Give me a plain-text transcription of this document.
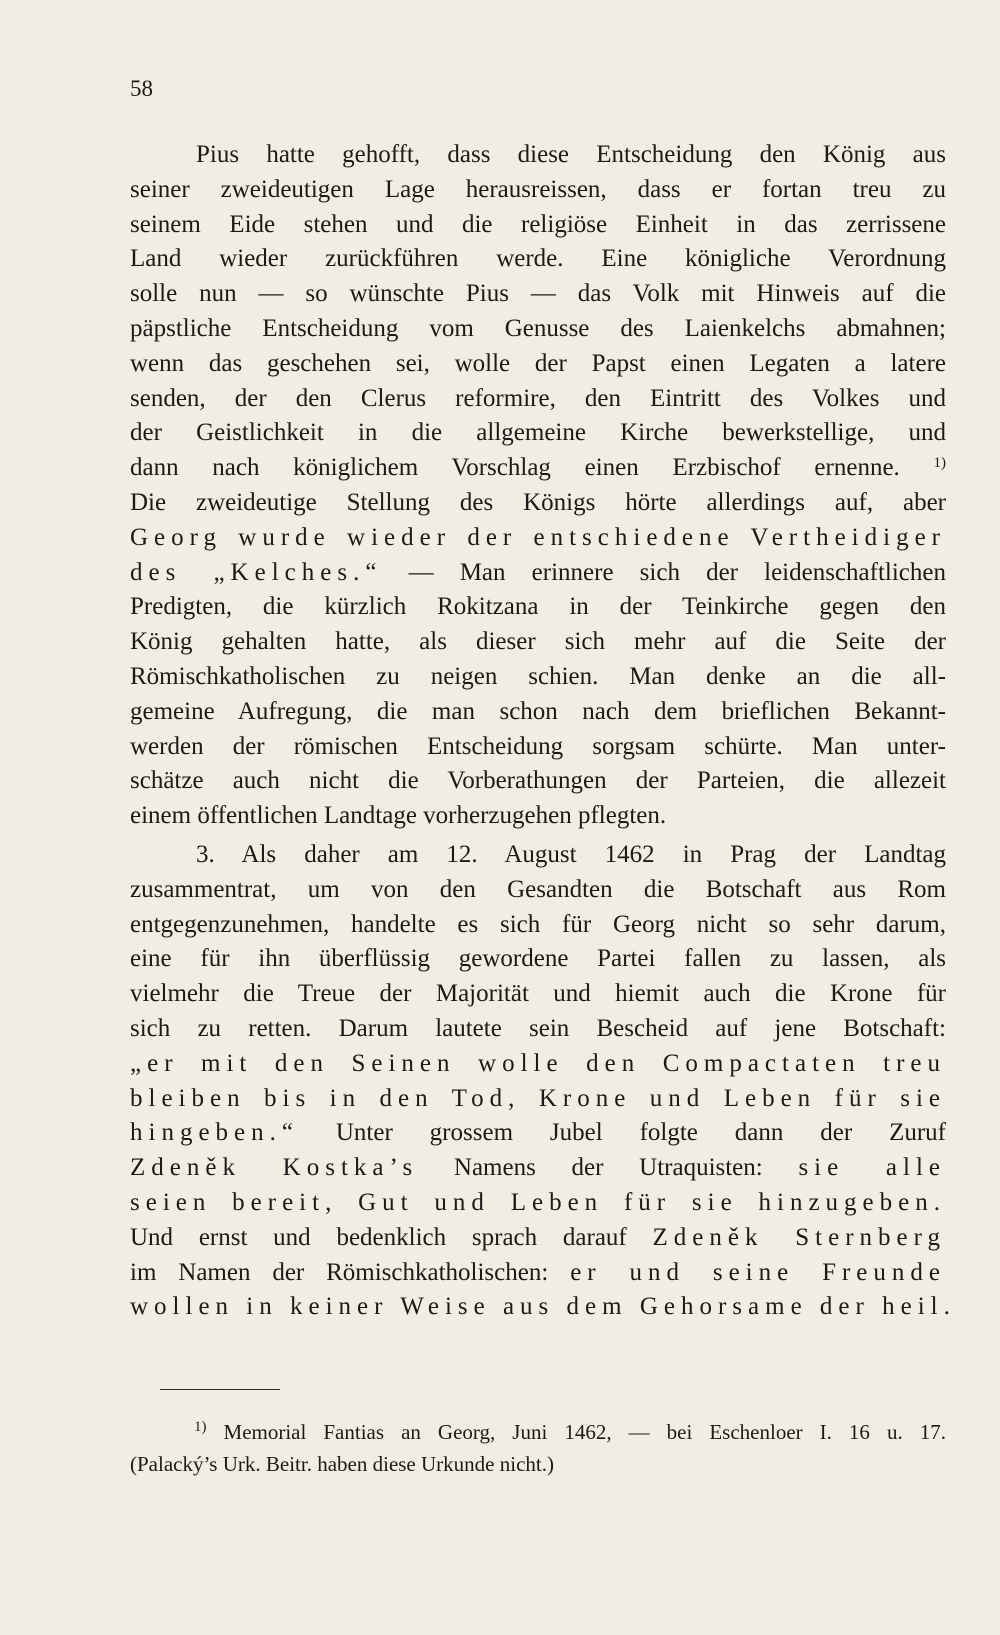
58
Pius hatte gehofft, dass diese Entscheidung den König aus
seiner zweideutigen Lage herausreissen, dass er fortan treu zu
seinem Eide stehen und die religiöse Einheit in das zerrissene
Land wieder zurückführen werde. Eine königliche Verordnung
solle nun — so wünschte Pius — das Volk mit Hinweis auf die
päpstliche Entscheidung vom Genusse des Laienkelchs abmahnen;
wenn das geschehen sei, wolle der Papst einen Legaten a latere
senden, der den Clerus reformire, den Eintritt des Volkes und
der Geistlichkeit in die allgemeine Kirche bewerkstellige, und
dann nach königlichem Vorschlag einen Erzbischof ernenne. $^{1)}$
Die zweideutige Stellung des Königs hörte allerdings auf, aber
Georg wurde wieder der entschiedene Vertheidiger
des „Kelches.“ — Man erinnere sich der leidenschaftlichen
Predigten, die kürzlich Rokitzana in der Teinkirche gegen den
König gehalten hatte, als dieser sich mehr auf die Seite der
Römischkatholischen zu neigen schien. Man denke an die all-
gemeine Aufregung, die man schon nach dem brieflichen Bekannt-
werden der römischen Entscheidung sorgsam schürte. Man unter-
schätze auch nicht die Vorberathungen der Parteien, die allezeit
einem öffentlichen Landtage vorherzugehen pflegten.
3. Als daher am 12. August 1462 in Prag der Landtag
zusammentrat, um von den Gesandten die Botschaft aus Rom
entgegenzunehmen, handelte es sich für Georg nicht so sehr darum,
eine für ihn überflüssig gewordene Partei fallen zu lassen, als
vielmehr die Treue der Majorität und hiemit auch die Krone für
sich zu retten. Darum lautete sein Bescheid auf jene Botschaft:
„er mit den Seinen wolle den Compactaten treu
bleiben bis in den Tod, Krone und Leben für sie
hingeben.“ Unter grossem Jubel folgte dann der Zuruf
Zdeněk Kostka’s Namens der Utraquisten: sie alle
seien bereit, Gut und Leben für sie hinzugeben.
Und ernst und bedenklich sprach darauf Zdeněk Sternberg
im Namen der Römischkatholischen: er und seine Freunde
wollen in keiner Weise aus dem Gehorsame der heil.
$^{1)}$ Memorial Fantias an Georg, Juni 1462, — bei Eschenloer I. 16 u. 17.
(Palacký’s Urk. Beitr. haben diese Urkunde nicht.)
